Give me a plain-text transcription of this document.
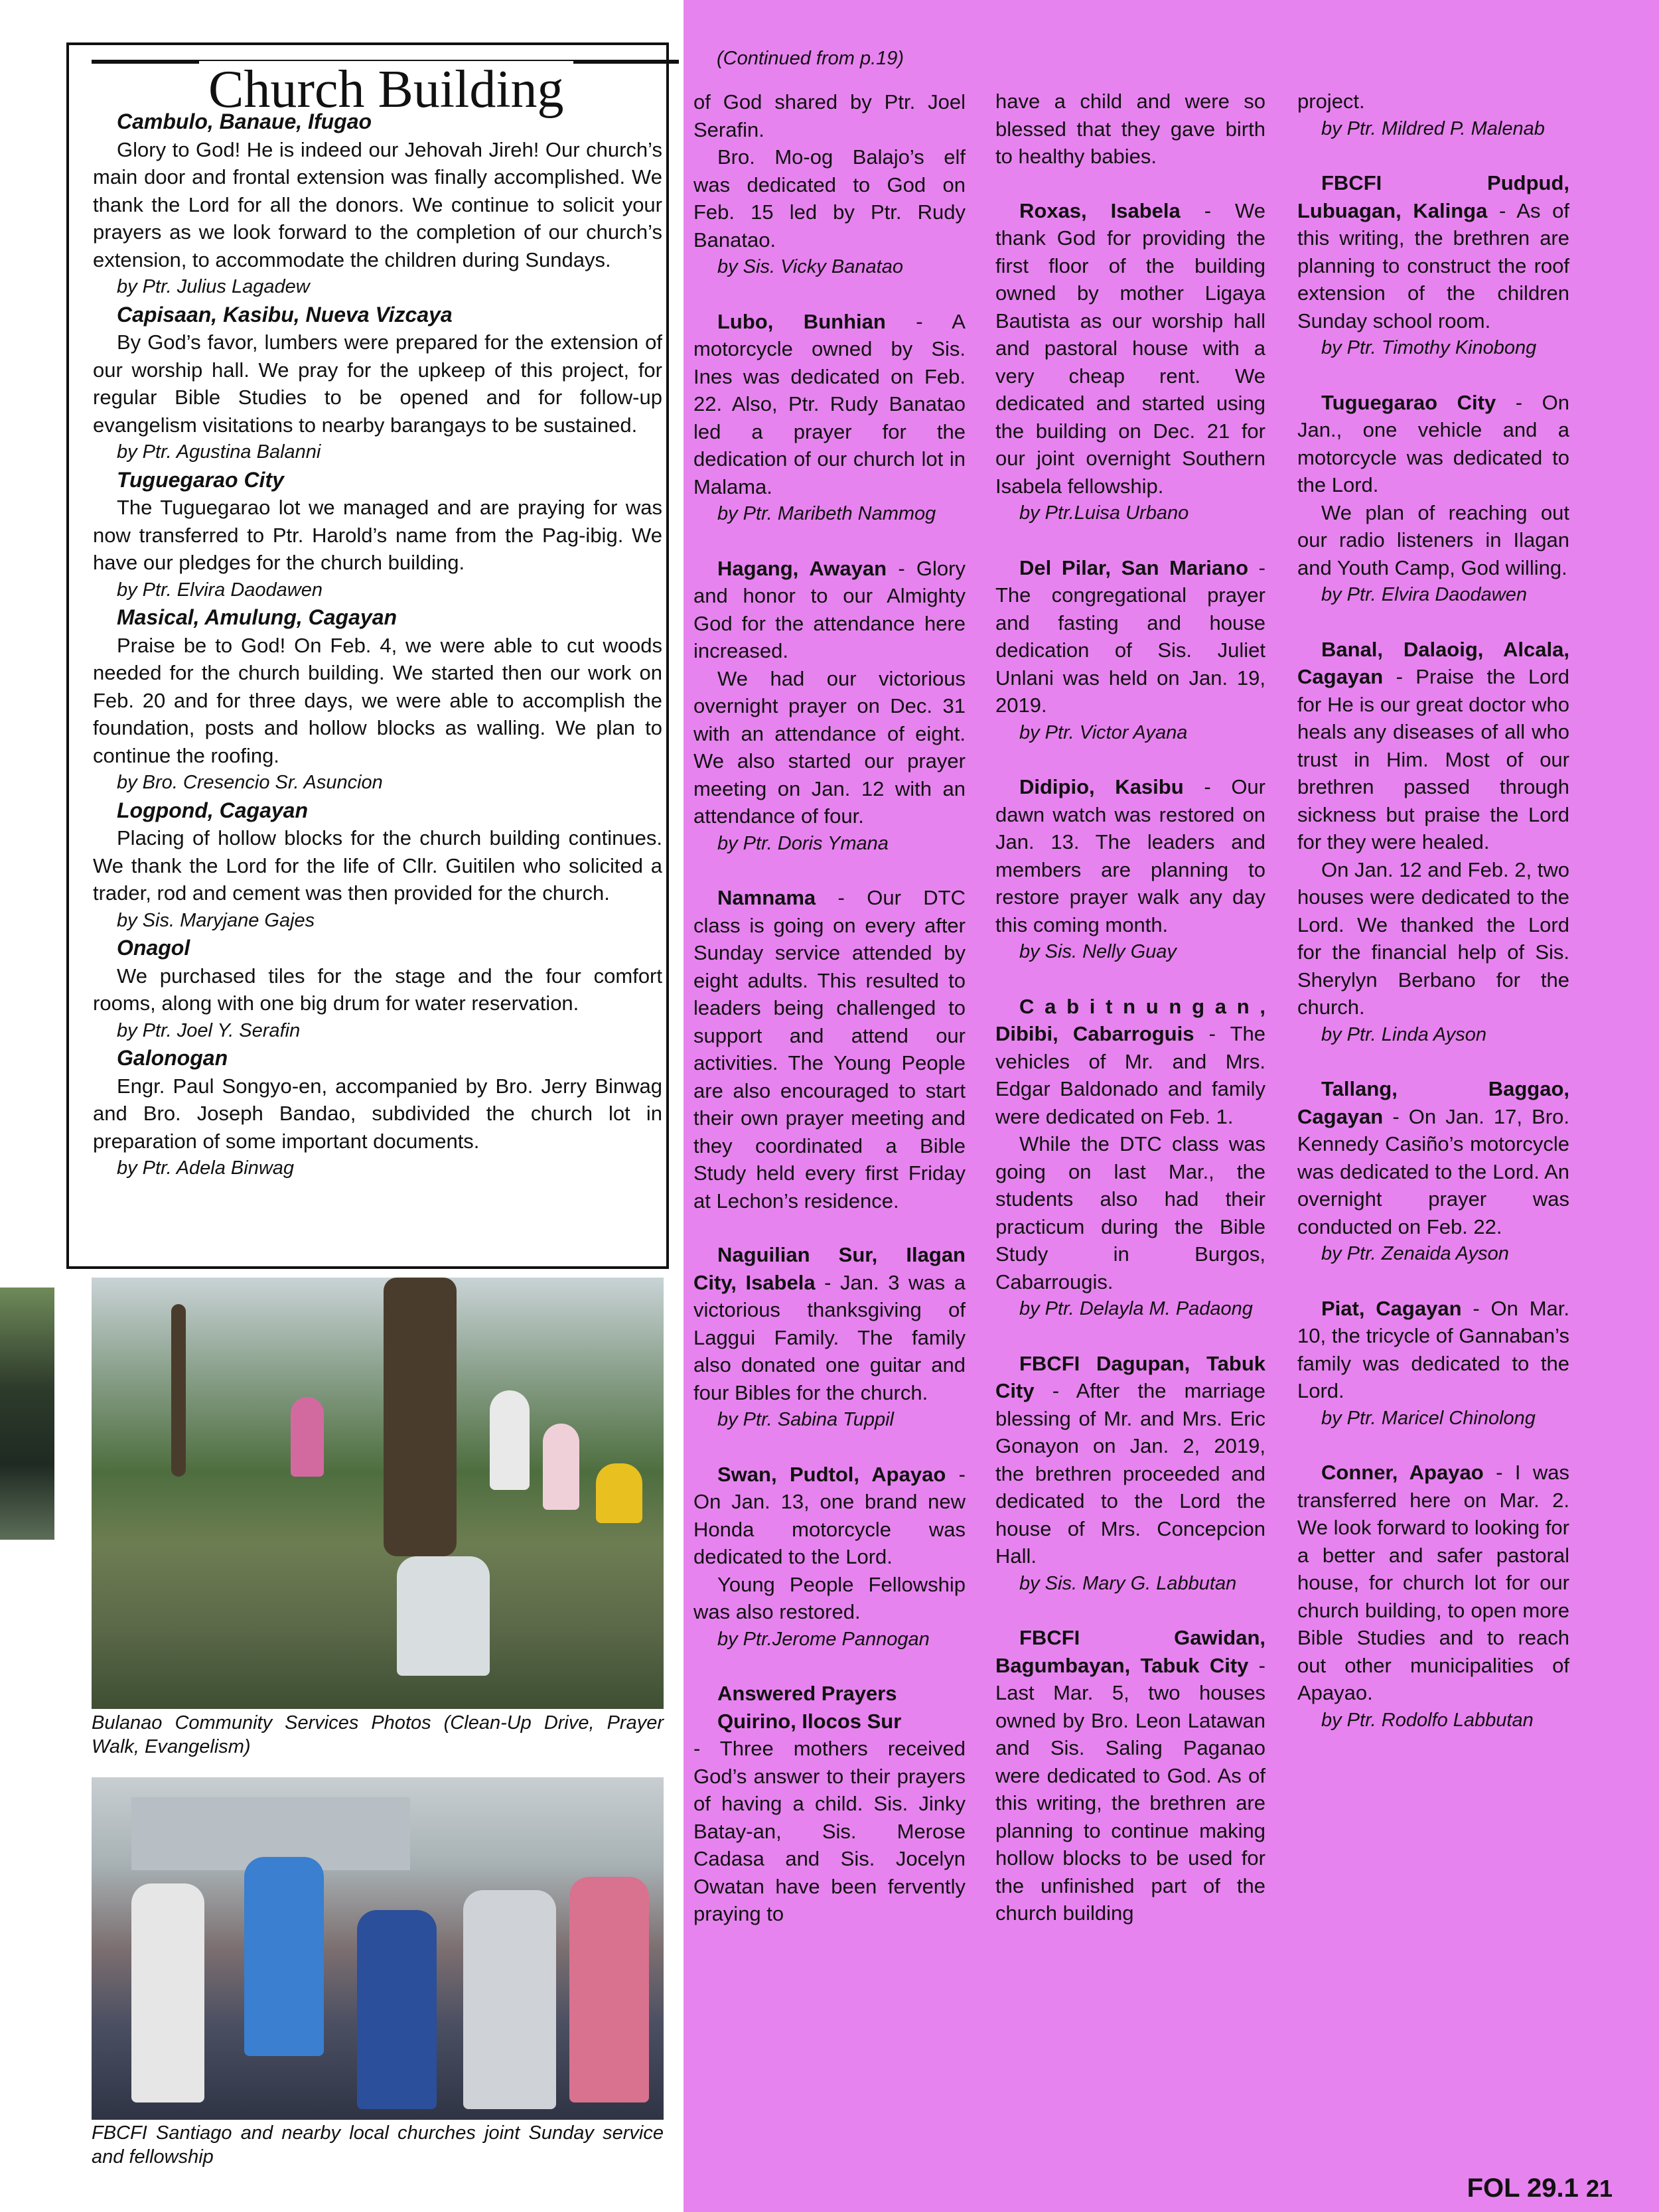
Church Building

Cambulo, Banaue, Ifugao

Glory to God! He is indeed our Jehovah Jireh! Our church’s main door and frontal extension was finally accomplished. We thank the Lord for all the donors. We continue to solicit your prayers as we look forward to the completion of our church’s extension, to accommodate the children during Sundays.

by Ptr. Julius Lagadew

Capisaan, Kasibu, Nueva Vizcaya

By God’s favor, lumbers were prepared for the extension of our worship hall. We pray for the upkeep of this project, for regular Bible Studies to be opened and for follow-up evangelism visitations to nearby barangays to be sustained.

by Ptr. Agustina Balanni

Tuguegarao City

The Tuguegarao lot we managed and are praying for was now transferred to Ptr. Harold’s name from the Pag-ibig. We have our pledges for the church building.

by Ptr. Elvira Daodawen

Masical, Amulung, Cagayan

Praise be to God! On Feb. 4, we were able to cut woods needed for the church building. We started then our work on Feb. 20 and for three days, we were able to accomplish the foundation, posts and hollow blocks as walling. We plan to continue the roofing.

by Bro. Cresencio Sr. Asuncion

Logpond, Cagayan

Placing of hollow blocks for the church building continues. We thank the Lord for the life of Cllr. Guitilen who solicited a trader, rod and cement was then provided for the church.

by Sis. Maryjane Gajes

Onagol

We purchased tiles for the stage and the four comfort rooms, along with one big drum for water reservation.

by Ptr. Joel Y. Serafin

Galonogan

Engr. Paul Songyo-en, accompanied by Bro. Jerry Binwag and Bro. Joseph Bandao, subdivided the church lot in preparation of some important documents.

by Ptr. Adela Binwag

Bulanao Community Services Photos (Clean-Up Drive, Prayer Walk, Evangelism)
FBCFI Santiago and nearby local churches joint Sunday service and fellowship
(Continued from p.19)

of God shared by Ptr. Joel Serafin.

Bro. Mo-og Balajo’s elf was dedicated to God on Feb. 15 led by Ptr. Rudy Banatao.

by Sis. Vicky Banatao

Lubo, Bunhian - A motorcycle owned by Sis. Ines was dedicated on Feb. 22. Also, Ptr. Rudy Banatao led a prayer for the dedication of our church lot in Malama.

by Ptr. Maribeth Nammog

Hagang, Awayan - Glory and honor to our Almighty God for the attendance here increased.

We had our victorious overnight prayer on Dec. 31 with an attendance of eight. We also started our prayer meeting on Jan. 12 with an attendance of four.

by Ptr. Doris Ymana

Namnama - Our DTC class is going on every after Sunday service attended by eight adults. This resulted to leaders being challenged to support and attend our activities. The Young People are also encouraged to start their own prayer meeting and they coordinated a Bible Study held every first Friday at Lechon’s residence.

Naguilian Sur, Ilagan City, Isabela - Jan. 3 was a victorious thanksgiving of Laggui Family. The family also donated one guitar and four Bibles for the church.

by Ptr. Sabina Tuppil

Swan, Pudtol, Apayao - On Jan. 13, one brand new Honda motorcycle was dedicated to the Lord.

Young People Fellowship was also restored.

by Ptr.Jerome Pannogan

Answered Prayers

Quirino, Ilocos Sur

- Three mothers received God’s answer to their prayers of having a child. Sis. Jinky Batay-an, Sis. Merose Cadasa and Sis. Jocelyn Owatan have been fervently praying to

have a child and were so blessed that they gave birth to healthy babies.

Roxas, Isabela - We thank God for providing the first floor of the building owned by mother Ligaya Bautista as our worship hall and pastoral house with a very cheap rent. We dedicated and started using the building on Dec. 21 for our joint overnight Southern Isabela fellowship.

by Ptr.Luisa Urbano

Del Pilar, San Mariano - The congregational prayer and fasting and house dedication of Sis. Juliet Unlani was held on Jan. 19, 2019.

by Ptr. Victor Ayana

Didipio, Kasibu - Our dawn watch was restored on Jan. 13. The leaders and members are planning to restore prayer walk any day this coming month.

by Sis. Nelly Guay

C a b i t n u n g a n , Dibibi, Cabarroguis - The vehicles of Mr. and Mrs. Edgar Baldonado and family were dedicated on Feb. 1.

While the DTC class was going on last Mar., the students also had their practicum during the Bible Study in Burgos, Cabarrougis.

by Ptr. Delayla M. Padaong

FBCFI Dagupan, Tabuk City - After the marriage blessing of Mr. and Mrs. Eric Gonayon on Jan. 2, 2019, the brethren proceeded and dedicated to the Lord the house of Mrs. Concepcion Hall.

by Sis. Mary G. Labbutan

FBCFI Gawidan, Bagumbayan, Tabuk City - Last Mar. 5, two houses owned by Bro. Leon Latawan and Sis. Saling Paganao were dedicated to God. As of this writing, the brethren are planning to continue making hollow blocks to be used for the unfinished part of the church building

project.

by Ptr. Mildred P. Malenab

FBCFI Pudpud, Lubuagan, Kalinga - As of this writing, the brethren are planning to construct the roof extension of the children Sunday school room.

by Ptr. Timothy Kinobong

Tuguegarao City - On Jan., one vehicle and a motorcycle was dedicated to the Lord.

We plan of reaching out our radio listeners in Ilagan and Youth Camp, God willing.

by Ptr. Elvira Daodawen

Banal, Dalaoig, Alcala, Cagayan - Praise the Lord for He is our great doctor who heals any diseases of all who trust in Him. Most of our brethren passed through sickness but praise the Lord for they were healed.

On Jan. 12 and Feb. 2, two houses were dedicated to the Lord. We thanked the Lord for the financial help of Sis. Sherylyn Berbano for the church.

by Ptr. Linda Ayson

Tallang, Baggao, Cagayan - On Jan. 17, Bro. Kennedy Casiño’s motorcycle was dedicated to the Lord. An overnight prayer was conducted on Feb. 22.

by Ptr. Zenaida Ayson

Piat, Cagayan - On Mar. 10, the tricycle of Gannaban’s family was dedicated to the Lord.

by Ptr. Maricel Chinolong

Conner, Apayao - I was transferred here on Mar. 2. We look forward to looking for a better and safer pastoral house, for church lot for our church building, to open more Bible Studies and to reach out other municipalities of Apayao.

by Ptr. Rodolfo Labbutan

FOL 29.1 21
